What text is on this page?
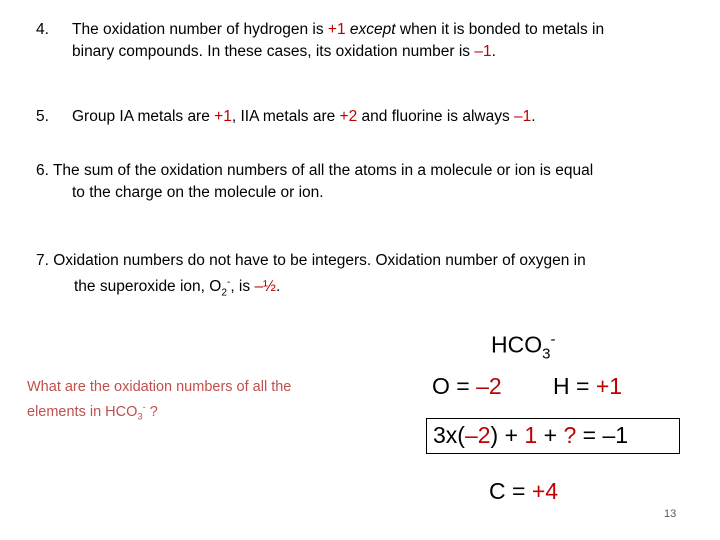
4. The oxidation number of hydrogen is +1 except when it is bonded to metals in
binary compounds. In these cases, its oxidation number is –1.
5. Group IA metals are +1, IIA metals are +2 and fluorine is always –1.
6. The sum of the oxidation numbers of all the atoms in a molecule or ion is equal
to the charge on the molecule or ion.
7. Oxidation numbers do not have to be integers. Oxidation number of oxygen in
the superoxide ion, $O_2^-$, is –½.
$HCO_3^-$
What are the oxidation numbers of all the
elements in $HCO_3^-$ ?
O = –2 H = +1
3x(–2) + 1 + ? = –1
C = +4
13
